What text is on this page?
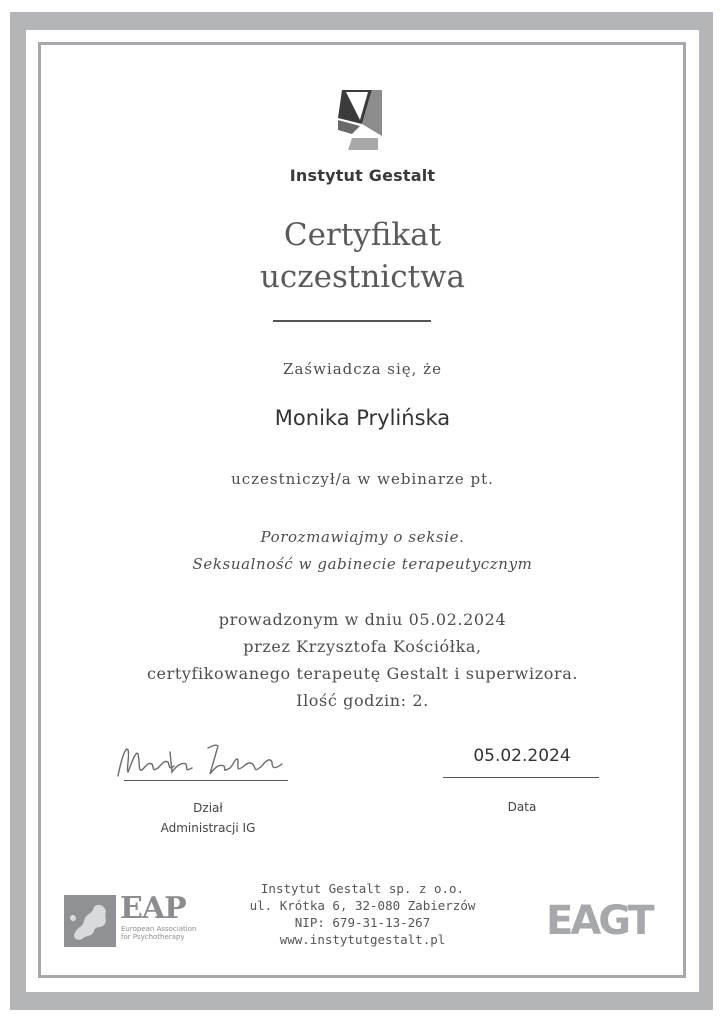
Instytut Gestalt
Certyfikat
uczestnictwa
Zaświadcza się, że
Monika Prylińska
uczestniczył/a w webinarze pt.
Porozmawiajmy o seksie.
Seksualność w gabinecie terapeutycznym
prowadzonym w dniu 05.02.2024
przez Krzysztofa Kościółka,
certyfikowanego terapeutę Gestalt i superwizora.
Ilość godzin: 2.
Dział
Administracji IG
05.02.2024
Data
Instytut Gestalt sp. z o.o.
ul. Krótka 6, 32-080 Zabierzów
NIP: 679-31-13-267
www.instytutgestalt.pl
EAP
European Association
for Psychotherapy	EAGT
